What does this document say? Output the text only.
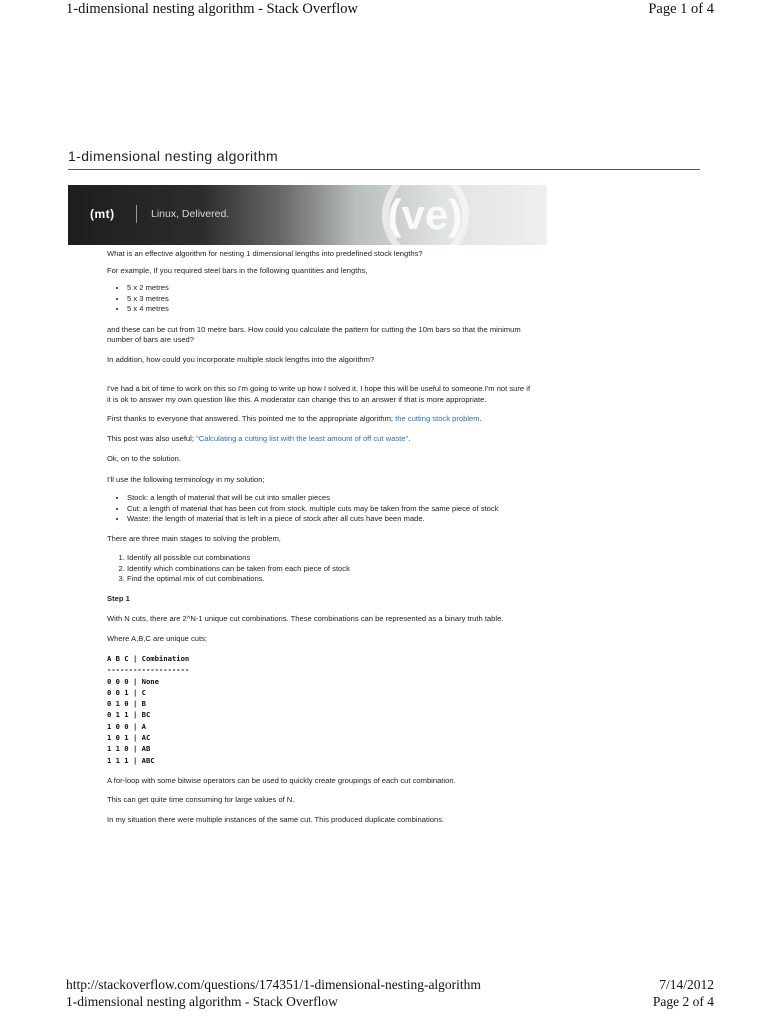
1-dimensional nesting algorithm - Stack Overflow	Page 1 of 4
1-dimensional nesting algorithm
(mt)	Linux, Delivered.	(ve)

What is an effective algorithm for nesting 1 dimensional lengths into predefined stock lengths?

For example, If you required steel bars in the following quantities and lengths,

• 5 x 2 metres
• 5 x 3 metres
• 5 x 4 metres

and these can be cut from 10 metre bars. How could you calculate the pattern for cutting the 10m bars so that the minimum number of bars are used?

In addition, how could you incorporate multiple stock lengths into the algorithm?

I've had a bit of time to work on this so I'm going to write up how I solved it. I hope this will be useful to someone.I'm not sure if it is ok to answer my own question like this. A moderator can change this to an answer if that is more appropriate.

First thanks to everyone that answered. This pointed me to the appropriate algorithm; the cutting stock problem.

This post was also useful; "Calculating a cutting list with the least amount of off cut waste".

Ok, on to the solution.

I'll use the following terminology in my solution;

• Stock: a length of material that will be cut into smaller pieces
• Cut: a length of material that has been cut from stock. multiple cuts may be taken from the same piece of stock
• Waste: the length of material that is left in a piece of stock after all cuts have been made.

There are three main stages to solving the problem,

1. Identify all possible cut combinations
2. Identify which combinations can be taken from each piece of stock
3. Find the optimal mix of cut combinations.

Step 1

With N cuts, there are 2^N-1 unique cut combinations. These combinations can be represented as a binary truth table.

Where A,B,C are unique cuts;

A B C | Combination
-------------------
0 0 0 | None
0 0 1 | C
0 1 0 | B
0 1 1 | BC
1 0 0 | A
1 0 1 | AC
1 1 0 | AB
1 1 1 | ABC

A for-loop with some bitwise operators can be used to quickly create groupings of each cut combination.

This can get quite time consuming for large values of N.

In my situation there were multiple instances of the same cut. This produced duplicate combinations.

http://stackoverflow.com/questions/174351/1-dimensional-nesting-algorithm	7/14/2012
1-dimensional nesting algorithm - Stack Overflow	Page 2 of 4
